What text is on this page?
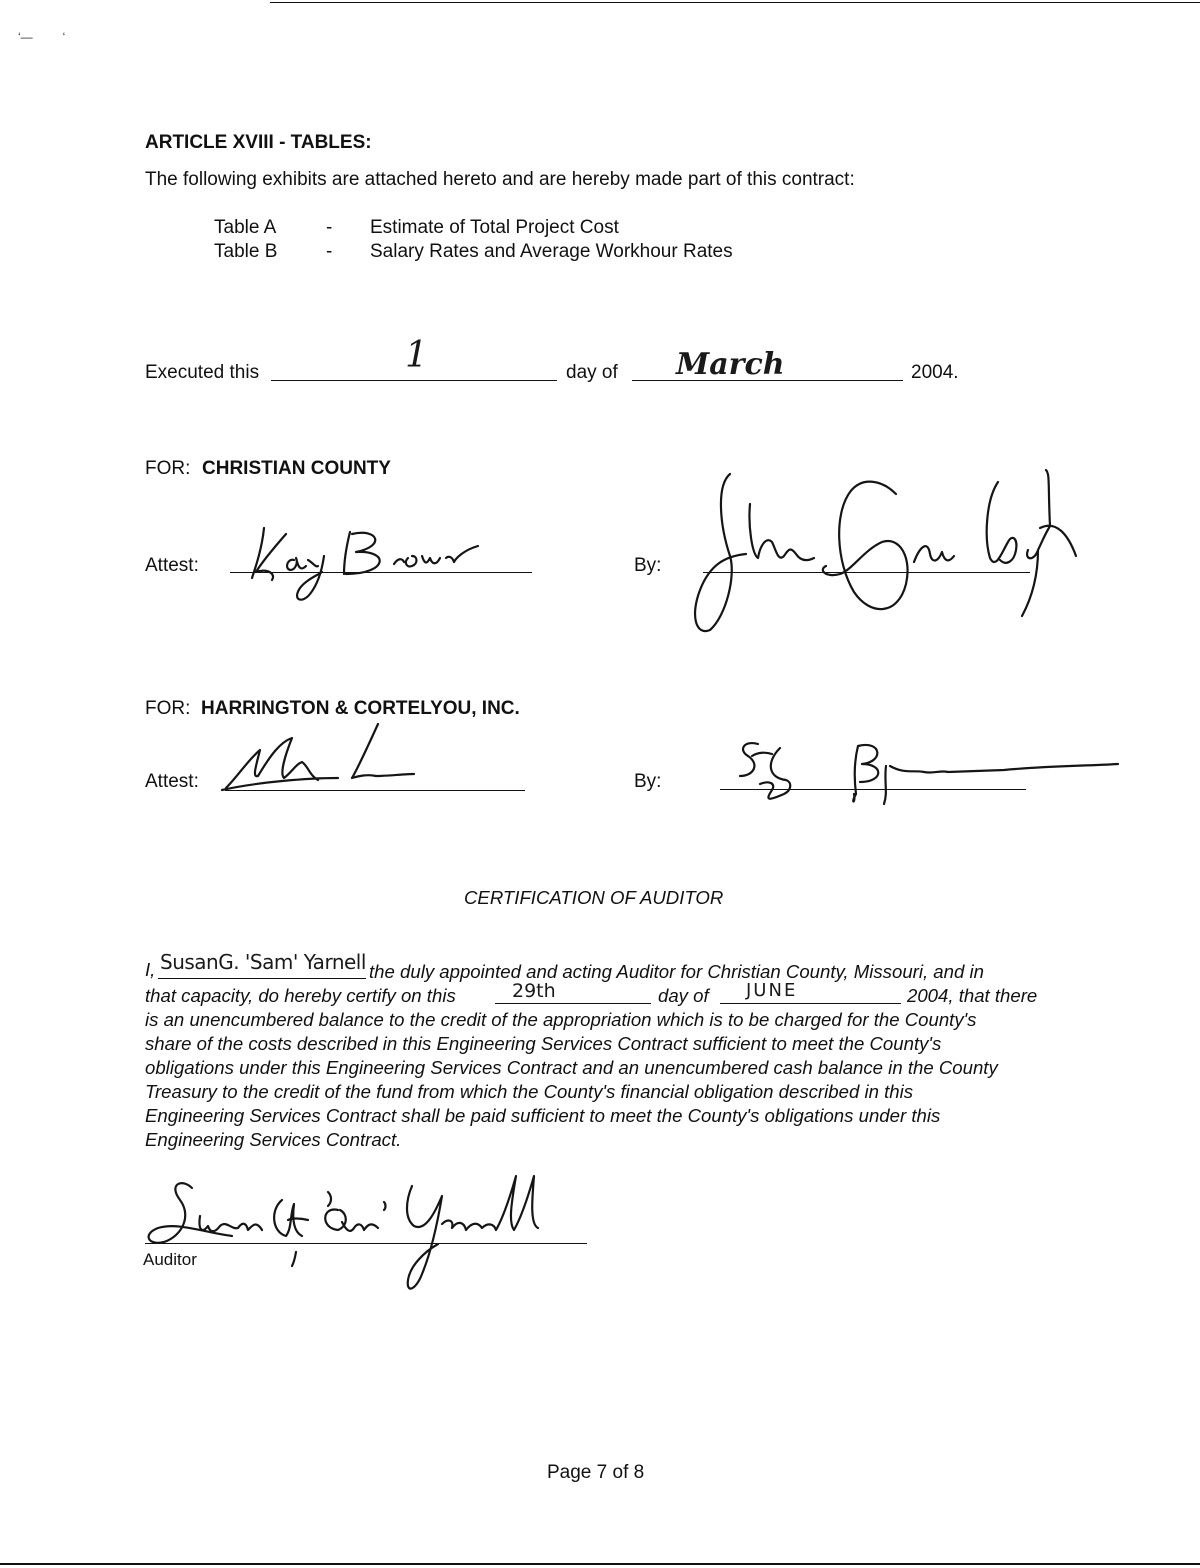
‘—         ‘
ARTICLE XVIII - TABLES:
The following exhibits are attached hereto and are hereby made part of this contract:
Table A	- Estimate of Total Project Cost
Table B	- Salary Rates and Average Workhour Rates
Executed this	1	day of March	2004.
FOR: CHRISTIAN COUNTY
Attest:	By:
FOR: HARRINGTON & CORTELYOU, INC.
Attest:	By:
CERTIFICATION OF AUDITOR
I, SusanG. 'Sam' Yarnell the duly appointed and acting Auditor for Christian County, Missouri, and in
that capacity, do hereby certify on this	29th	day of JUNE	2004, that there
is an unencumbered balance to the credit of the appropriation which is to be charged for the County's
share of the costs described in this Engineering Services Contract sufficient to meet the County's
obligations under this Engineering Services Contract and an unencumbered cash balance in the County
Treasury to the credit of the fund from which the County's financial obligation described in this
Engineering Services Contract shall be paid sufficient to meet the County's obligations under this
Engineering Services Contract.
Auditor
Page 7 of 8
